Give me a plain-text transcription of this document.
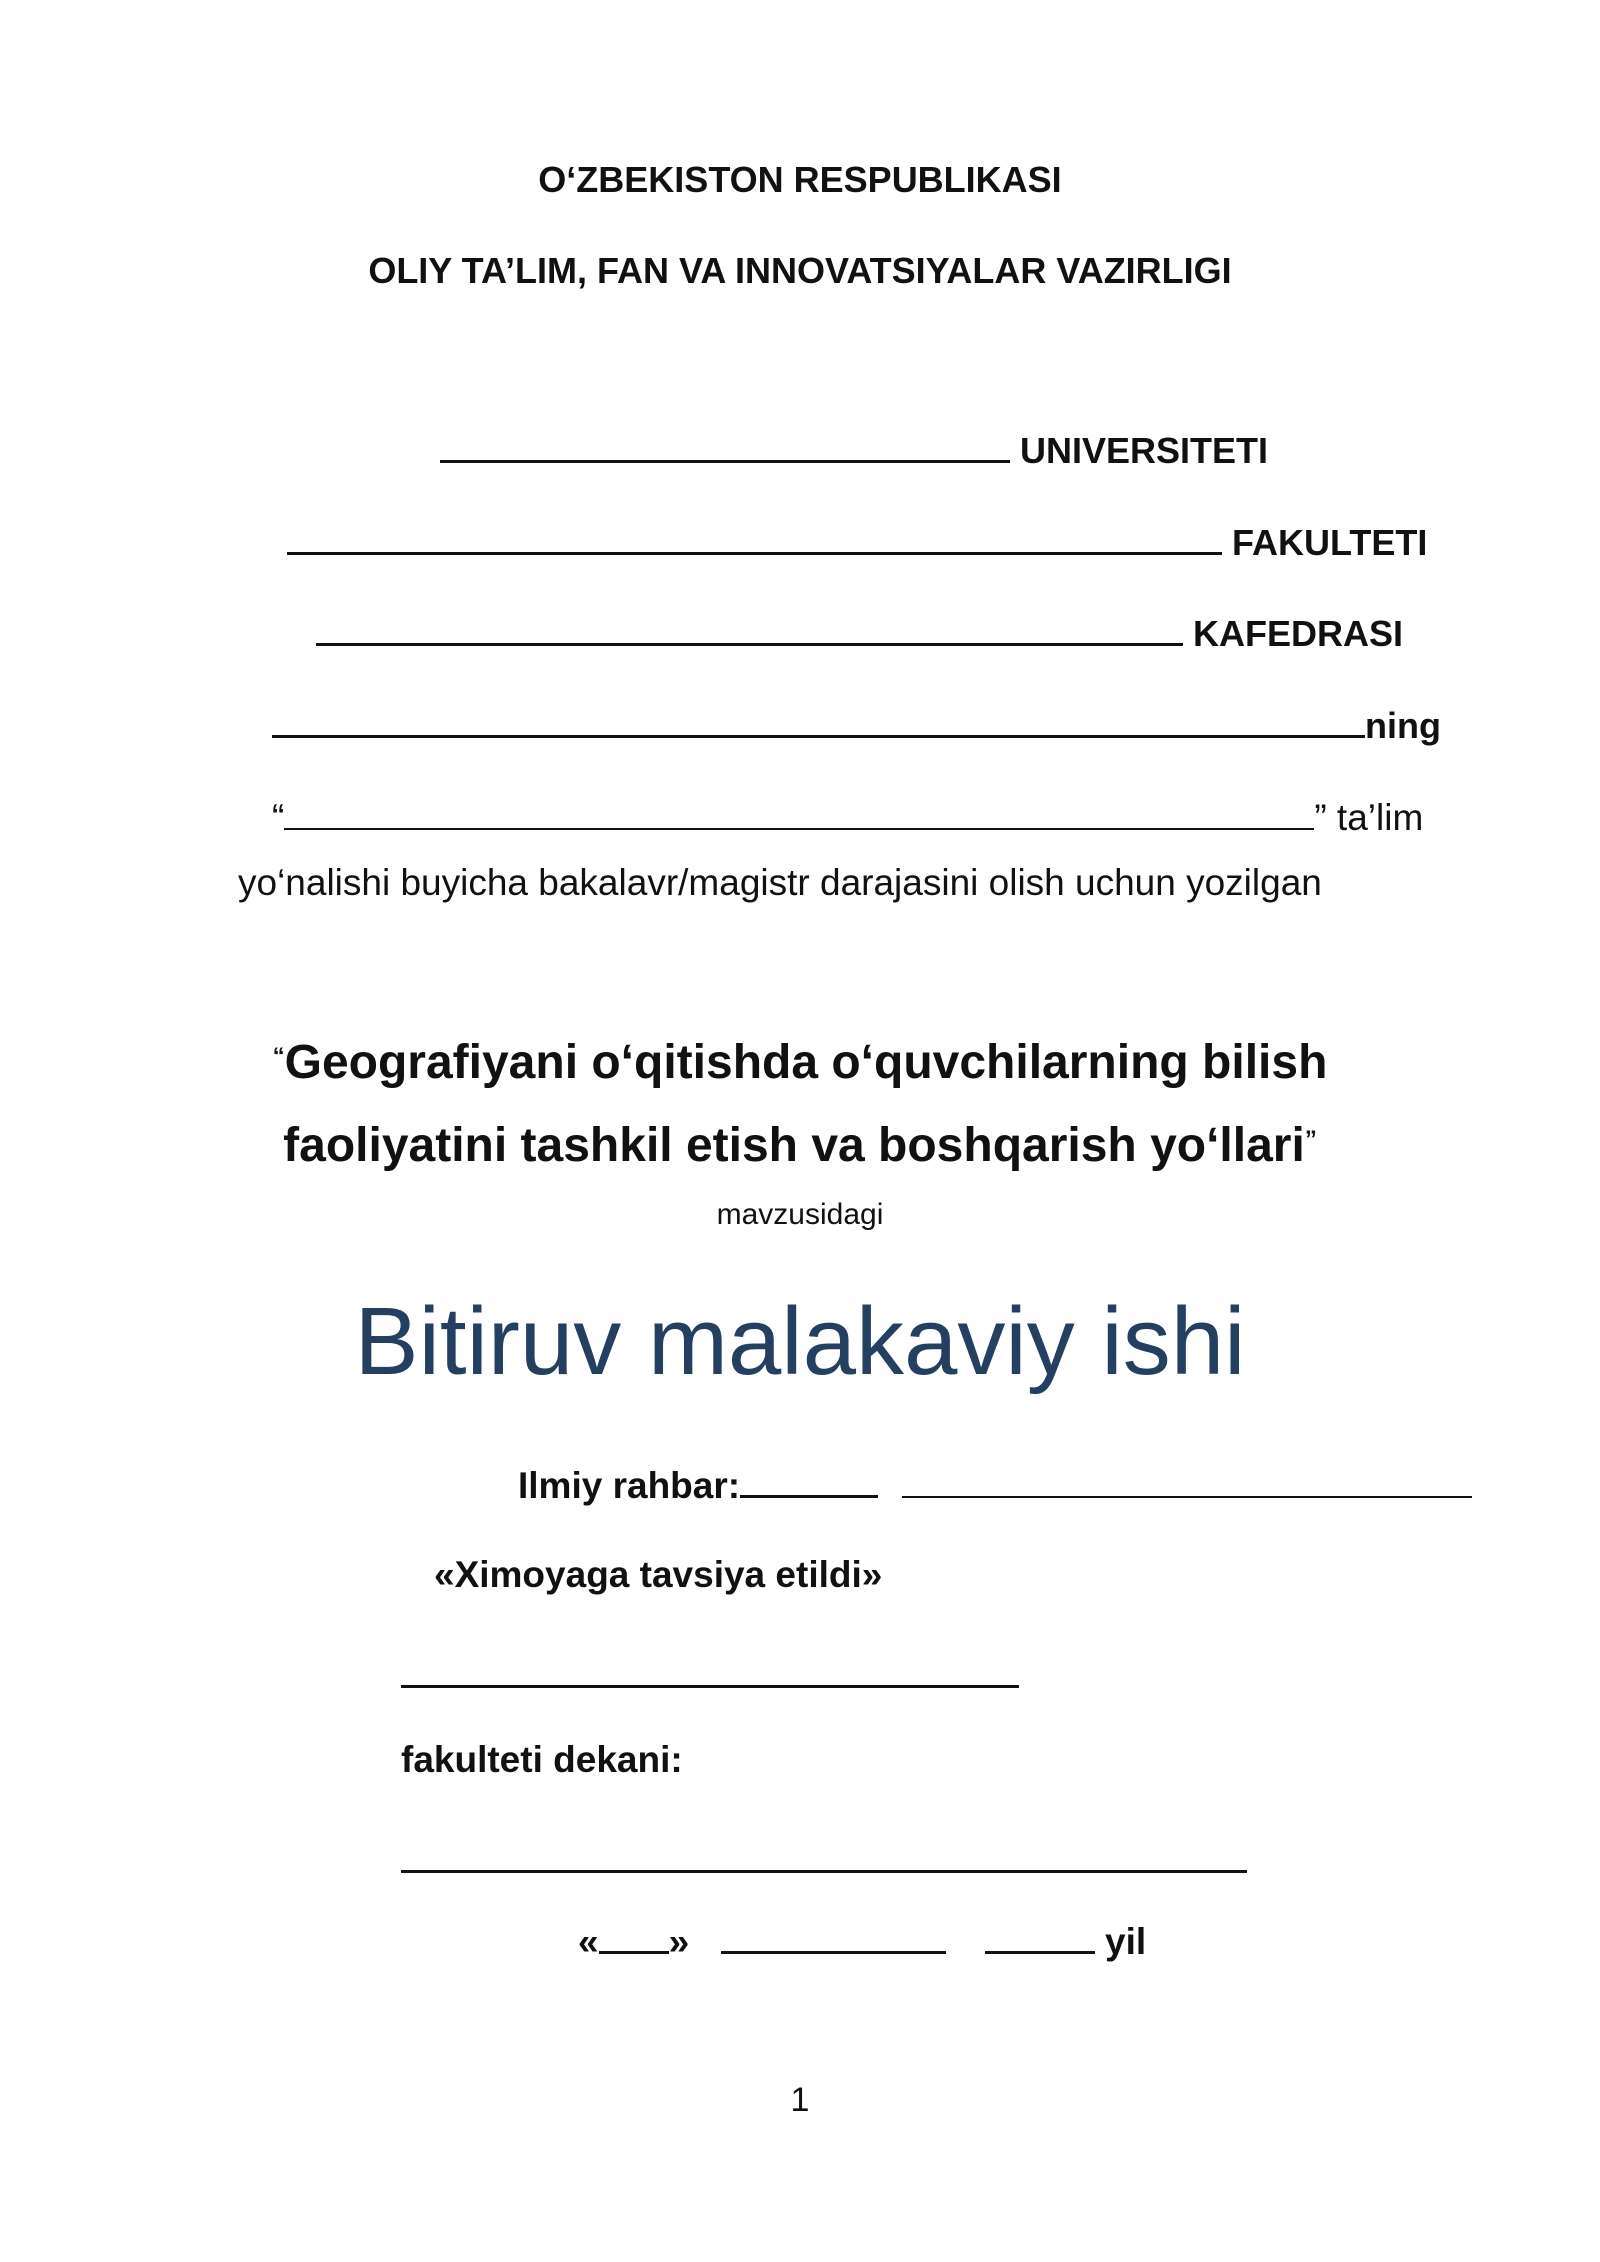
O‘ZBEKISTON RESPUBLIKASI
OLIY TA’LIM, FAN VA INNOVATSIYALAR VAZIRLIGI
UNIVERSITETI
FAKULTETI
KAFEDRASI
ning
“	” ta’lim
yo‘nalishi buyicha bakalavr/magistr darajasini olish uchun yozilgan
“Geografiyani o‘qitishda o‘quvchilarning bilish
faoliyatini tashkil etish va boshqarish yo‘llari”
mavzusidagi
Bitiruv malakaviy ishi
Ilmiy rahbar:
«Ximoyaga tavsiya etildi»
fakulteti dekani:
« »	yil
1
